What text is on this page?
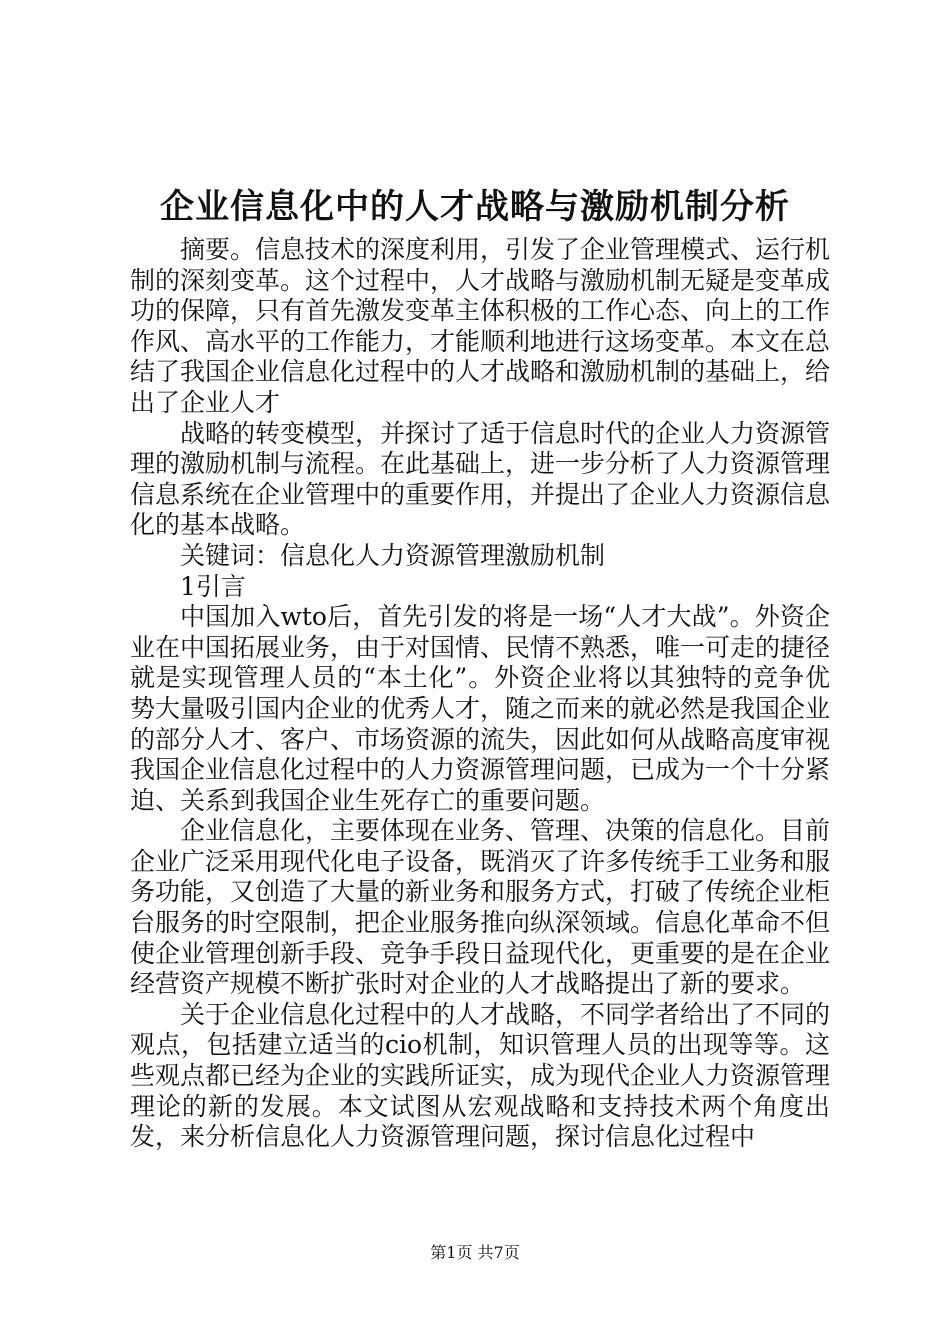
企业信息化中的人才战略与激励机制分析

摘要。信息技术的深度利用，引发了企业管理模式、运行机制的深刻变革。这个过程中，人才战略与激励机制无疑是变革成功的保障，只有首先激发变革主体积极的工作心态、向上的工作作风、高水平的工作能力，才能顺利地进行这场变革。本文在总结了我国企业信息化过程中的人才战略和激励机制的基础上，给出了企业人才

战略的转变模型，并探讨了适于信息时代的企业人力资源管理的激励机制与流程。在此基础上，进一步分析了人力资源管理信息系统在企业管理中的重要作用，并提出了企业人力资源信息化的基本战略。

关键词：信息化人力资源管理激励机制

1引言

中国加入wto后，首先引发的将是一场“人才大战”。外资企业在中国拓展业务，由于对国情、民情不熟悉，唯一可走的捷径就是实现管理人员的“本土化”。外资企业将以其独特的竞争优势大量吸引国内企业的优秀人才，随之而来的就必然是我国企业的部分人才、客户、市场资源的流失，因此如何从战略高度审视我国企业信息化过程中的人力资源管理问题，已成为一个十分紧迫、关系到我国企业生死存亡的重要问题。

企业信息化，主要体现在业务、管理、决策的信息化。目前企业广泛采用现代化电子设备，既消灭了许多传统手工业务和服务功能，又创造了大量的新业务和服务方式，打破了传统企业柜台服务的时空限制，把企业服务推向纵深领域。信息化革命不但使企业管理创新手段、竞争手段日益现代化，更重要的是在企业经营资产规模不断扩张时对企业的人才战略提出了新的要求。

关于企业信息化过程中的人才战略，不同学者给出了不同的观点，包括建立适当的cio机制，知识管理人员的出现等等。这些观点都已经为企业的实践所证实，成为现代企业人力资源管理理论的新的发展。本文试图从宏观战略和支持技术两个角度出发，来分析信息化人力资源管理问题，探讨信息化过程中

第1页 共7页
